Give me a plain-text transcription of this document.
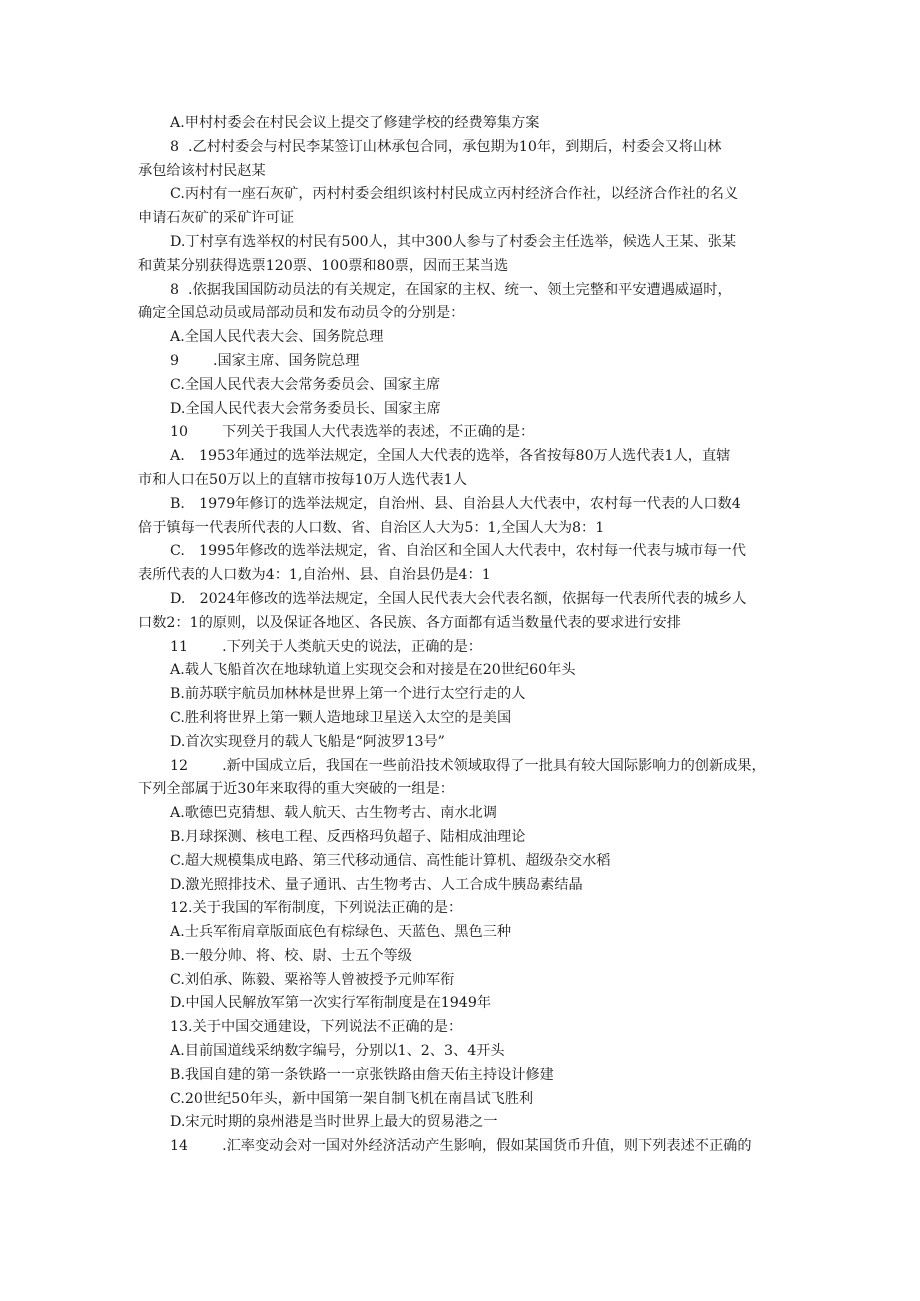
A.甲村村委会在村民会议上提交了修建学校的经费筹集方案
8 .乙村村委会与村民李某签订山林承包合同，承包期为10年，到期后，村委会又将山林
承包给该村村民赵某
C.丙村有一座石灰矿，丙村村委会组织该村村民成立丙村经济合作社，以经济合作社的名义
申请石灰矿的采矿许可证
D.丁村享有选举权的村民有500人，其中300人参与了村委会主任选举，候选人王某、张某
和黄某分别获得选票120票、100票和80票，因而王某当选
8 .依据我国国防动员法的有关规定，在国家的主权、统一、领土完整和平安遭遇威逼时，
确定全国总动员或局部动员和发布动员令的分别是：
A.全国人民代表大会、国务院总理
9 .国家主席、国务院总理
C.全国人民代表大会常务委员会、国家主席
D.全国人民代表大会常务委员长、国家主席
10 下列关于我国人大代表选举的表述，不正确的是：
A.　1953年通过的选举法规定，全国人大代表的选举，各省按每80万人选代表1人，直辖
市和人口在50万以上的直辖市按每10万人选代表1人
B.　1979年修订的选举法规定，自治州、县、自治县人大代表中，农村每一代表的人口数4
倍于镇每一代表所代表的人口数、省、自治区人大为5：1,全国人大为8：1
C.　1995年修改的选举法规定，省、自治区和全国人大代表中，农村每一代表与城市每一代
表所代表的人口数为4：1,自治州、县、自治县仍是4：1
D.　2024年修改的选举法规定，全国人民代表大会代表名额，依据每一代表所代表的城乡人
口数2：1的原则，以及保证各地区、各民族、各方面都有适当数量代表的要求进行安排
11 .下列关于人类航天史的说法，正确的是：
A.载人飞船首次在地球轨道上实现交会和对接是在20世纪60年头
B.前苏联宇航员加林林是世界上第一个进行太空行走的人
C.胜利将世界上第一颗人造地球卫星送入太空的是美国
D.首次实现登月的载人飞船是“阿波罗13号”
12 .新中国成立后，我国在一些前沿技术领域取得了一批具有较大国际影响力的创新成果，
下列全部属于近30年来取得的重大突破的一组是：
A.歌德巴克猜想、载人航天、古生物考古、南水北调
B.月球探测、核电工程、反西格玛负超子、陆相成油理论
C.超大规模集成电路、第三代移动通信、高性能计算机、超级杂交水稻
D.激光照排技术、量子通讯、古生物考古、人工合成牛胰岛素结晶
12.关于我国的军衔制度，下列说法正确的是：
A.士兵军衔肩章版面底色有棕绿色、天蓝色、黑色三种
B.一般分帅、将、校、尉、士五个等级
C.刘伯承、陈毅、粟裕等人曾被授予元帅军衔
D.中国人民解放军第一次实行军衔制度是在1949年
13.关于中国交通建设，下列说法不正确的是：
A.目前国道线采纳数字编号，分别以1、2、3、4开头
B.我国自建的第一条铁路一一京张铁路由詹天佑主持设计修建
C.20世纪50年头，新中国第一架自制飞机在南昌试飞胜利
D.宋元时期的泉州港是当时世界上最大的贸易港之一
14 .汇率变动会对一国对外经济活动产生影响，假如某国货币升值，则下列表述不正确的
